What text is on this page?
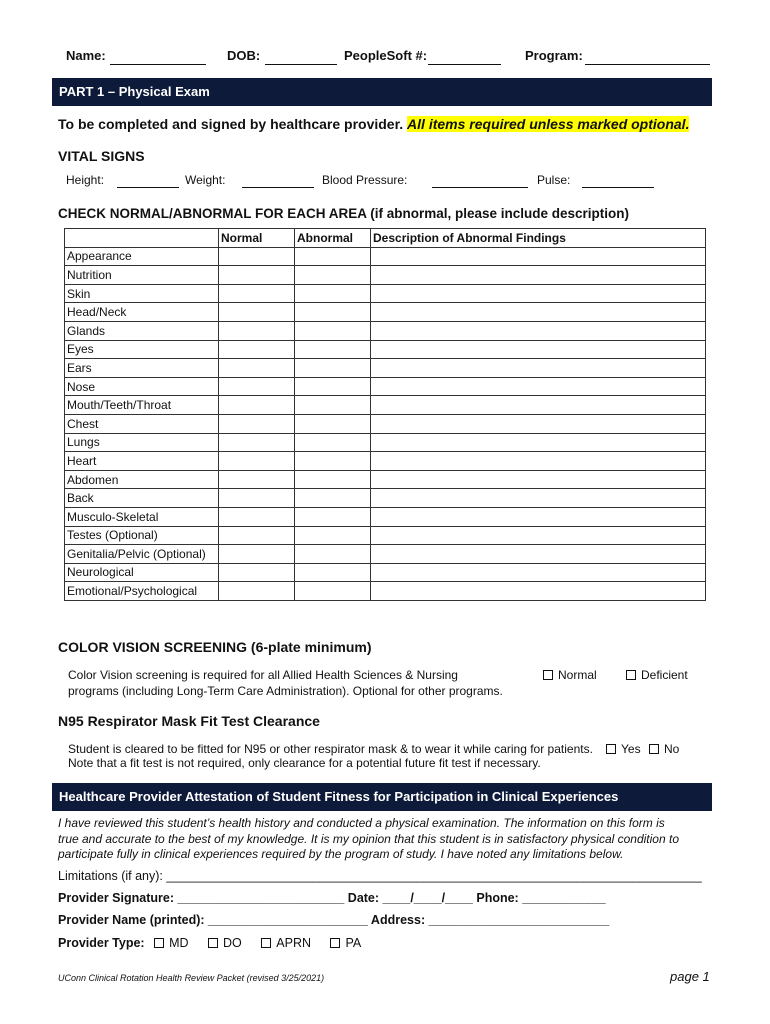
Name:	DOB:	PeopleSoft #:	Program:
PART 1 – Physical Exam
To be completed and signed by healthcare provider. All items required unless marked optional.
VITAL SIGNS
Height:	Weight:	Blood Pressure:	Pulse:
CHECK NORMAL/ABNORMAL FOR EACH AREA (if abnormal, please include description)
	Normal	Abnormal	Description of Abnormal Findings
Appearance			
Nutrition			
Skin			
Head/Neck			
Glands			
Eyes			
Ears			
Nose			
Mouth/Teeth/Throat			
Chest			
Lungs			
Heart			
Abdomen			
Back			
Musculo-Skeletal			
Testes (Optional)			
Genitalia/Pelvic (Optional)			
Neurological			
Emotional/Psychological			
COLOR VISION SCREENING (6-plate minimum)
Color Vision screening is required for all Allied Health Sciences & Nursing
programs (including Long-Term Care Administration). Optional for other programs.
Normal	Deficient
N95 Respirator Mask Fit Test Clearance
Student is cleared to be fitted for N95 or other respirator mask & to wear it while caring for patients.
Note that a fit test is not required, only clearance for a potential future fit test if necessary.
Yes	No
Healthcare Provider Attestation of Student Fitness for Participation in Clinical Experiences
I have reviewed this student’s health history and conducted a physical examination. The information on this form is
true and accurate to the best of my knowledge. It is my opinion that this student is in satisfactory physical condition to
participate fully in clinical experiences required by the program of study. I have noted any limitations below.
Limitations (if any): _____________________________________________________________________________
Provider Signature: ________________________ Date: ____/____/____ Phone: ____________
Provider Name (printed): _______________________ Address: __________________________
Provider Type: MD	DO	APRN	PA
UConn Clinical Rotation Health Review Packet (revised 3/25/2021)	page 1
